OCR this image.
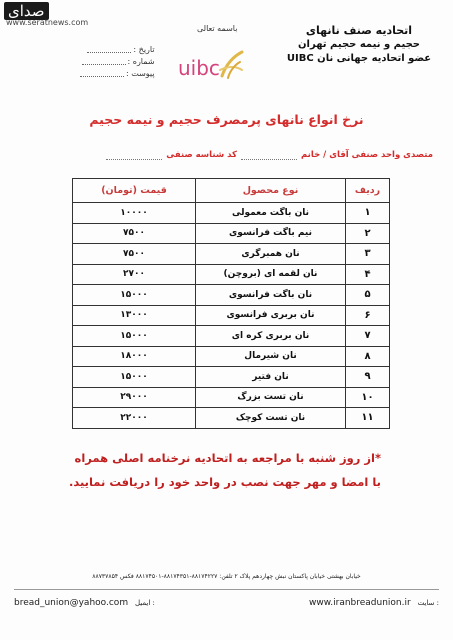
صدای
www.seratnews.com
باسمه تعالی	اتحادیه صنف نانهای
حجیم و نیمه حجیم تهران
عضو اتحادیه جهانی نان UIBC
uibc
تاریخ :
شماره :
پیوست :
نرخ انواع نانهای پرمصرف حجیم و نیمه حجیم
متصدی واحد صنفی آقای / خانم
کد شناسه صنفی
ردیف	نوع محصول	قیمت (تومان)
۱	نان باگت معمولی	۱۰۰۰۰
۲	نیم باگت فرانسوی	۷۵۰۰
۳	نان همبرگری	۷۵۰۰
۴	نان لقمه ای (بروچن)	۲۷۰۰
۵	نان باگت فرانسوی	۱۵۰۰۰
۶	نان بربری فرانسوی	۱۳۰۰۰
۷	نان بربری کره ای	۱۵۰۰۰
۸	نان شیرمال	۱۸۰۰۰
۹	نان فتیر	۱۵۰۰۰
۱۰	نان تست بزرگ	۲۹۰۰۰
۱۱	نان تست کوچک	۲۲۰۰۰
*از روز شنبه با مراجعه به اتحادیه نرخنامه اصلی همراه
با امضا و مهر جهت نصب در واحد خود را دریافت نمایید.
خیابان بهشتی خیابان پاکستان نبش چهاردهم پلاک ۲ تلفن: ۸۸۱۷۴۲۲۷-۸۸۱۷۴۳۵۱-۸۸۱۷۴۵۰۱ فکس ۸۸۷۳۷۸۵۴
bread_union@yahoo.com ایمیل :	www.iranbreadunion.ir سایت :
